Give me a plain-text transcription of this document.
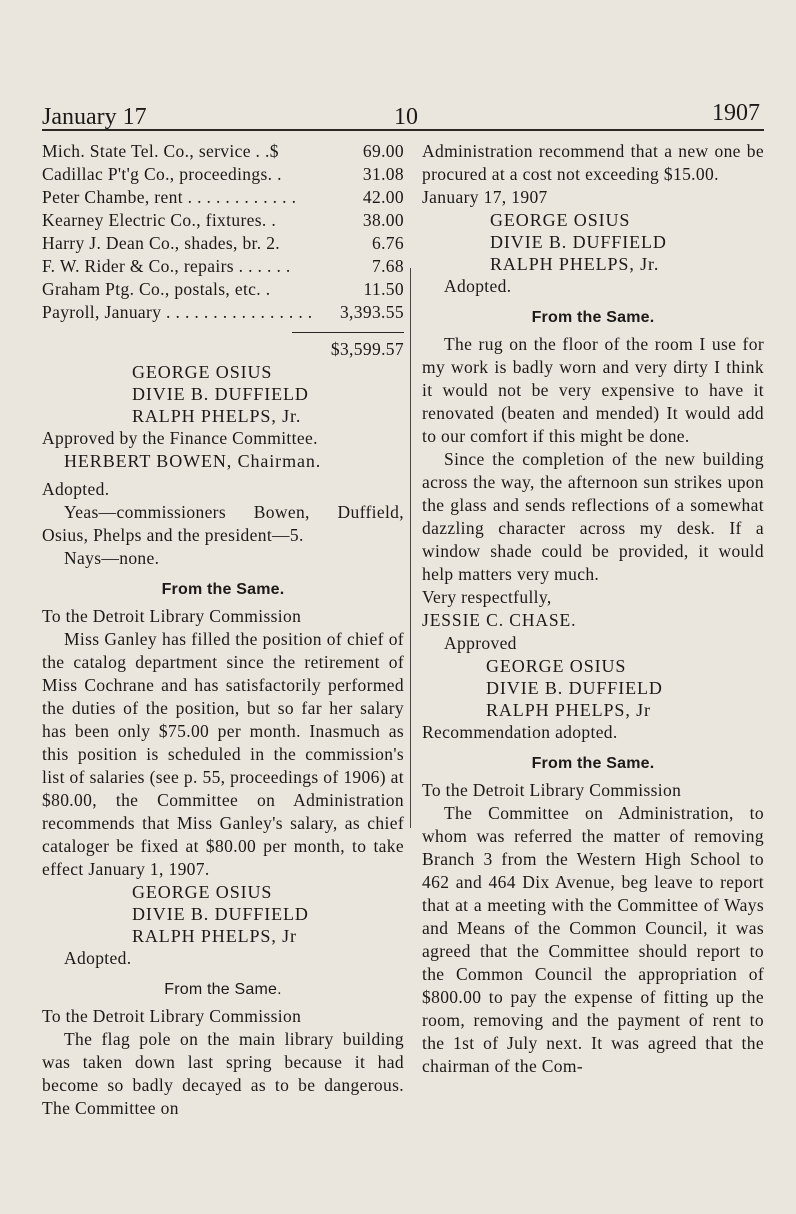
January 17	10	1907
Mich. State Tel. Co., service . .$	69.00
Cadillac P't'g Co., proceedings. .	31.08
Peter Chambe, rent . . . . . . . . . . . .	42.00
Kearney Electric Co., fixtures. .	38.00
Harry J. Dean Co., shades, br. 2.	6.76
F. W. Rider & Co., repairs . . . . . .	7.68
Graham Ptg. Co., postals, etc. .	11.50
Payroll, January . . . . . . . . . . . . . . . . 3,393.55
$3,599.57

GEORGE OSIUS

DIVIE B. DUFFIELD

RALPH PHELPS, Jr.

Approved by the Finance Committee.

HERBERT BOWEN, Chairman.

Adopted.

Yeas—commissioners Bowen, Duffield, Osius, Phelps and the president—5.

Nays—none.

From the Same.

To the Detroit Library Commission

Miss Ganley has filled the position of chief of the catalog department since the retirement of Miss Cochrane and has satisfactorily performed the duties of the position, but so far her salary has been only $75.00 per month. Inasmuch as this position is scheduled in the commission's list of salaries (see p. 55, proceedings of 1906) at $80.00, the Committee on Administration recommends that Miss Ganley's salary, as chief cataloger be fixed at $80.00 per month, to take effect January 1, 1907.

GEORGE OSIUS

DIVIE B. DUFFIELD

RALPH PHELPS, Jr

Adopted.

From the Same.

To the Detroit Library Commission

The flag pole on the main library building was taken down last spring because it had become so badly decayed as to be dangerous. The Committee on

Administration recommend that a new one be procured at a cost not exceeding $15.00.

January 17, 1907

GEORGE OSIUS

DIVIE B. DUFFIELD

RALPH PHELPS, Jr.

Adopted.

From the Same.

The rug on the floor of the room I use for my work is badly worn and very dirty I think it would not be very expensive to have it renovated (beaten and mended) It would add to our comfort if this might be done.

Since the completion of the new building across the way, the afternoon sun strikes upon the glass and sends reflections of a somewhat dazzling character across my desk. If a window shade could be provided, it would help matters very much.

Very respectfully,

JESSIE C. CHASE.

Approved

GEORGE OSIUS

DIVIE B. DUFFIELD

RALPH PHELPS, Jr

Recommendation adopted.

From the Same.

To the Detroit Library Commission

The Committee on Administration, to whom was referred the matter of removing Branch 3 from the Western High School to 462 and 464 Dix Avenue, beg leave to report that at a meeting with the Committee of Ways and Means of the Common Council, it was agreed that the Committee should report to the Common Council the appropriation of $800.00 to pay the expense of fitting up the room, removing and the payment of rent to the 1st of July next. It was agreed that the chairman of the Com-
